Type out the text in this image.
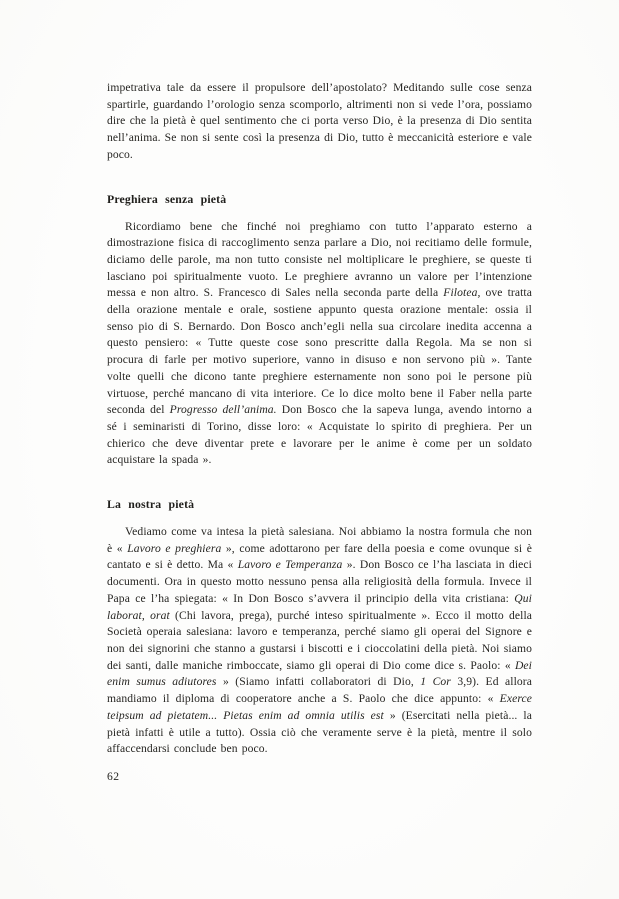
impetrativa tale da essere il propulsore dell’apostolato? Meditando sulle cose senza spartirle, guardando l’orologio senza scomporlo, altrimenti non si vede l’ora, possiamo dire che la pietà è quel sentimento che ci porta verso Dio, è la presenza di Dio sentita nell’anima. Se non si sente così la presenza di Dio, tutto è meccanicità esteriore e vale poco.

Preghiera senza pietà

Ricordiamo bene che finché noi preghiamo con tutto l’apparato esterno a dimostrazione fisica di raccoglimento senza parlare a Dio, noi recitiamo delle formule, diciamo delle parole, ma non tutto consiste nel moltiplicare le preghiere, se queste ti lasciano poi spiritualmente vuoto. Le preghiere avranno un valore per l’intenzione messa e non altro. S. Francesco di Sales nella seconda parte della Filotea, ove tratta della orazione mentale e orale, sostiene appunto questa orazione mentale: ossia il senso pio di S. Bernardo. Don Bosco anch’egli nella sua circolare inedita accenna a questo pensiero: « Tutte queste cose sono prescritte dalla Regola. Ma se non si procura di farle per motivo superiore, vanno in disuso e non servono più ». Tante volte quelli che dicono tante preghiere esternamente non sono poi le persone più virtuose, perché mancano di vita interiore. Ce lo dice molto bene il Faber nella parte seconda del Progresso dell’anima. Don Bosco che la sapeva lunga, avendo intorno a sé i seminaristi di Torino, disse loro: « Acquistate lo spirito di preghiera. Per un chierico che deve diventar prete e lavorare per le anime è come per un soldato acquistare la spada ».

La nostra pietà

Vediamo come va intesa la pietà salesiana. Noi abbiamo la nostra formula che non è « Lavoro e preghiera », come adottarono per fare della poesia e come ovunque si è cantato e si è detto. Ma « Lavoro e Temperanza ». Don Bosco ce l’ha lasciata in dieci documenti. Ora in questo motto nessuno pensa alla religiosità della formula. Invece il Papa ce l’ha spiegata: « In Don Bosco s’avvera il principio della vita cristiana: Qui laborat, orat (Chi lavora, prega), purché inteso spiritualmente ». Ecco il motto della Società operaia salesiana: lavoro e temperanza, perché siamo gli operai del Signore e non dei signorini che stanno a gustarsi i biscotti e i cioccolatini della pietà. Noi siamo dei santi, dalle maniche rimboccate, siamo gli operai di Dio come dice s. Paolo: « Dei enim sumus adiutores » (Siamo infatti collaboratori di Dio, 1 Cor 3,9). Ed allora mandiamo il diploma di cooperatore anche a S. Paolo che dice appunto: « Exerce teipsum ad pietatem... Pietas enim ad omnia utilis est » (Esercitati nella pietà... la pietà infatti è utile a tutto). Ossia ciò che veramente serve è la pietà, mentre il solo affaccendarsi conclude ben poco.

62
